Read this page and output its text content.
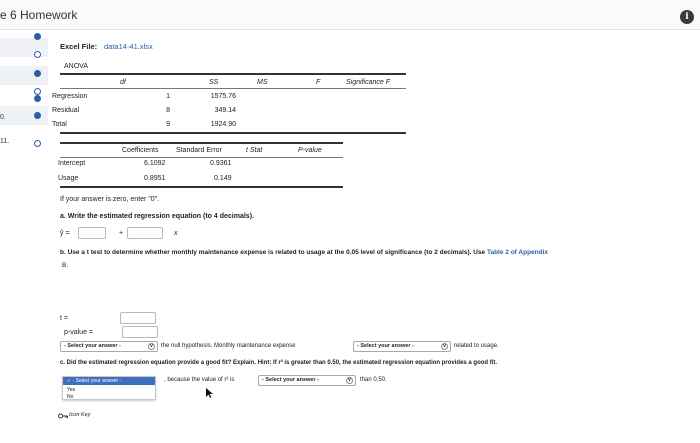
e 6 Homework	i
0.
11.
Excel File: data14-41.xlsx
ANOVA
df	SS	MS	F	Significance F
Regression	1	1575.76
Residual	8	349.14
Total	9	1924.90
Coefficients	Standard Error	t Stat	P-value
Intercept	6.1092	0.9361
Usage	0.8951	0.149
If your answer is zero, enter "0".
a. Write the estimated regression equation (to 4 decimals).
ŷ =	+	x
b. Use a t test to determine whether monthly maintenance expense is related to usage at the 0.05 level of significance (to 2 decimals). Use Table 2 of Appendix
B.
t =
p-value =
- Select your answer -	v	the null hypothesis. Monthly maintenance expense	- Select your answer -	v	related to usage.
c. Did the estimated regression equation provide a good fit? Explain. Hint: If r² is greater than 0.50, the estimated regression equation provides a good fit.
, because the value of r² is	- Select your answer -	v	than 0.50.
✓ - Select your answer -
Yes
No
Icon Key
